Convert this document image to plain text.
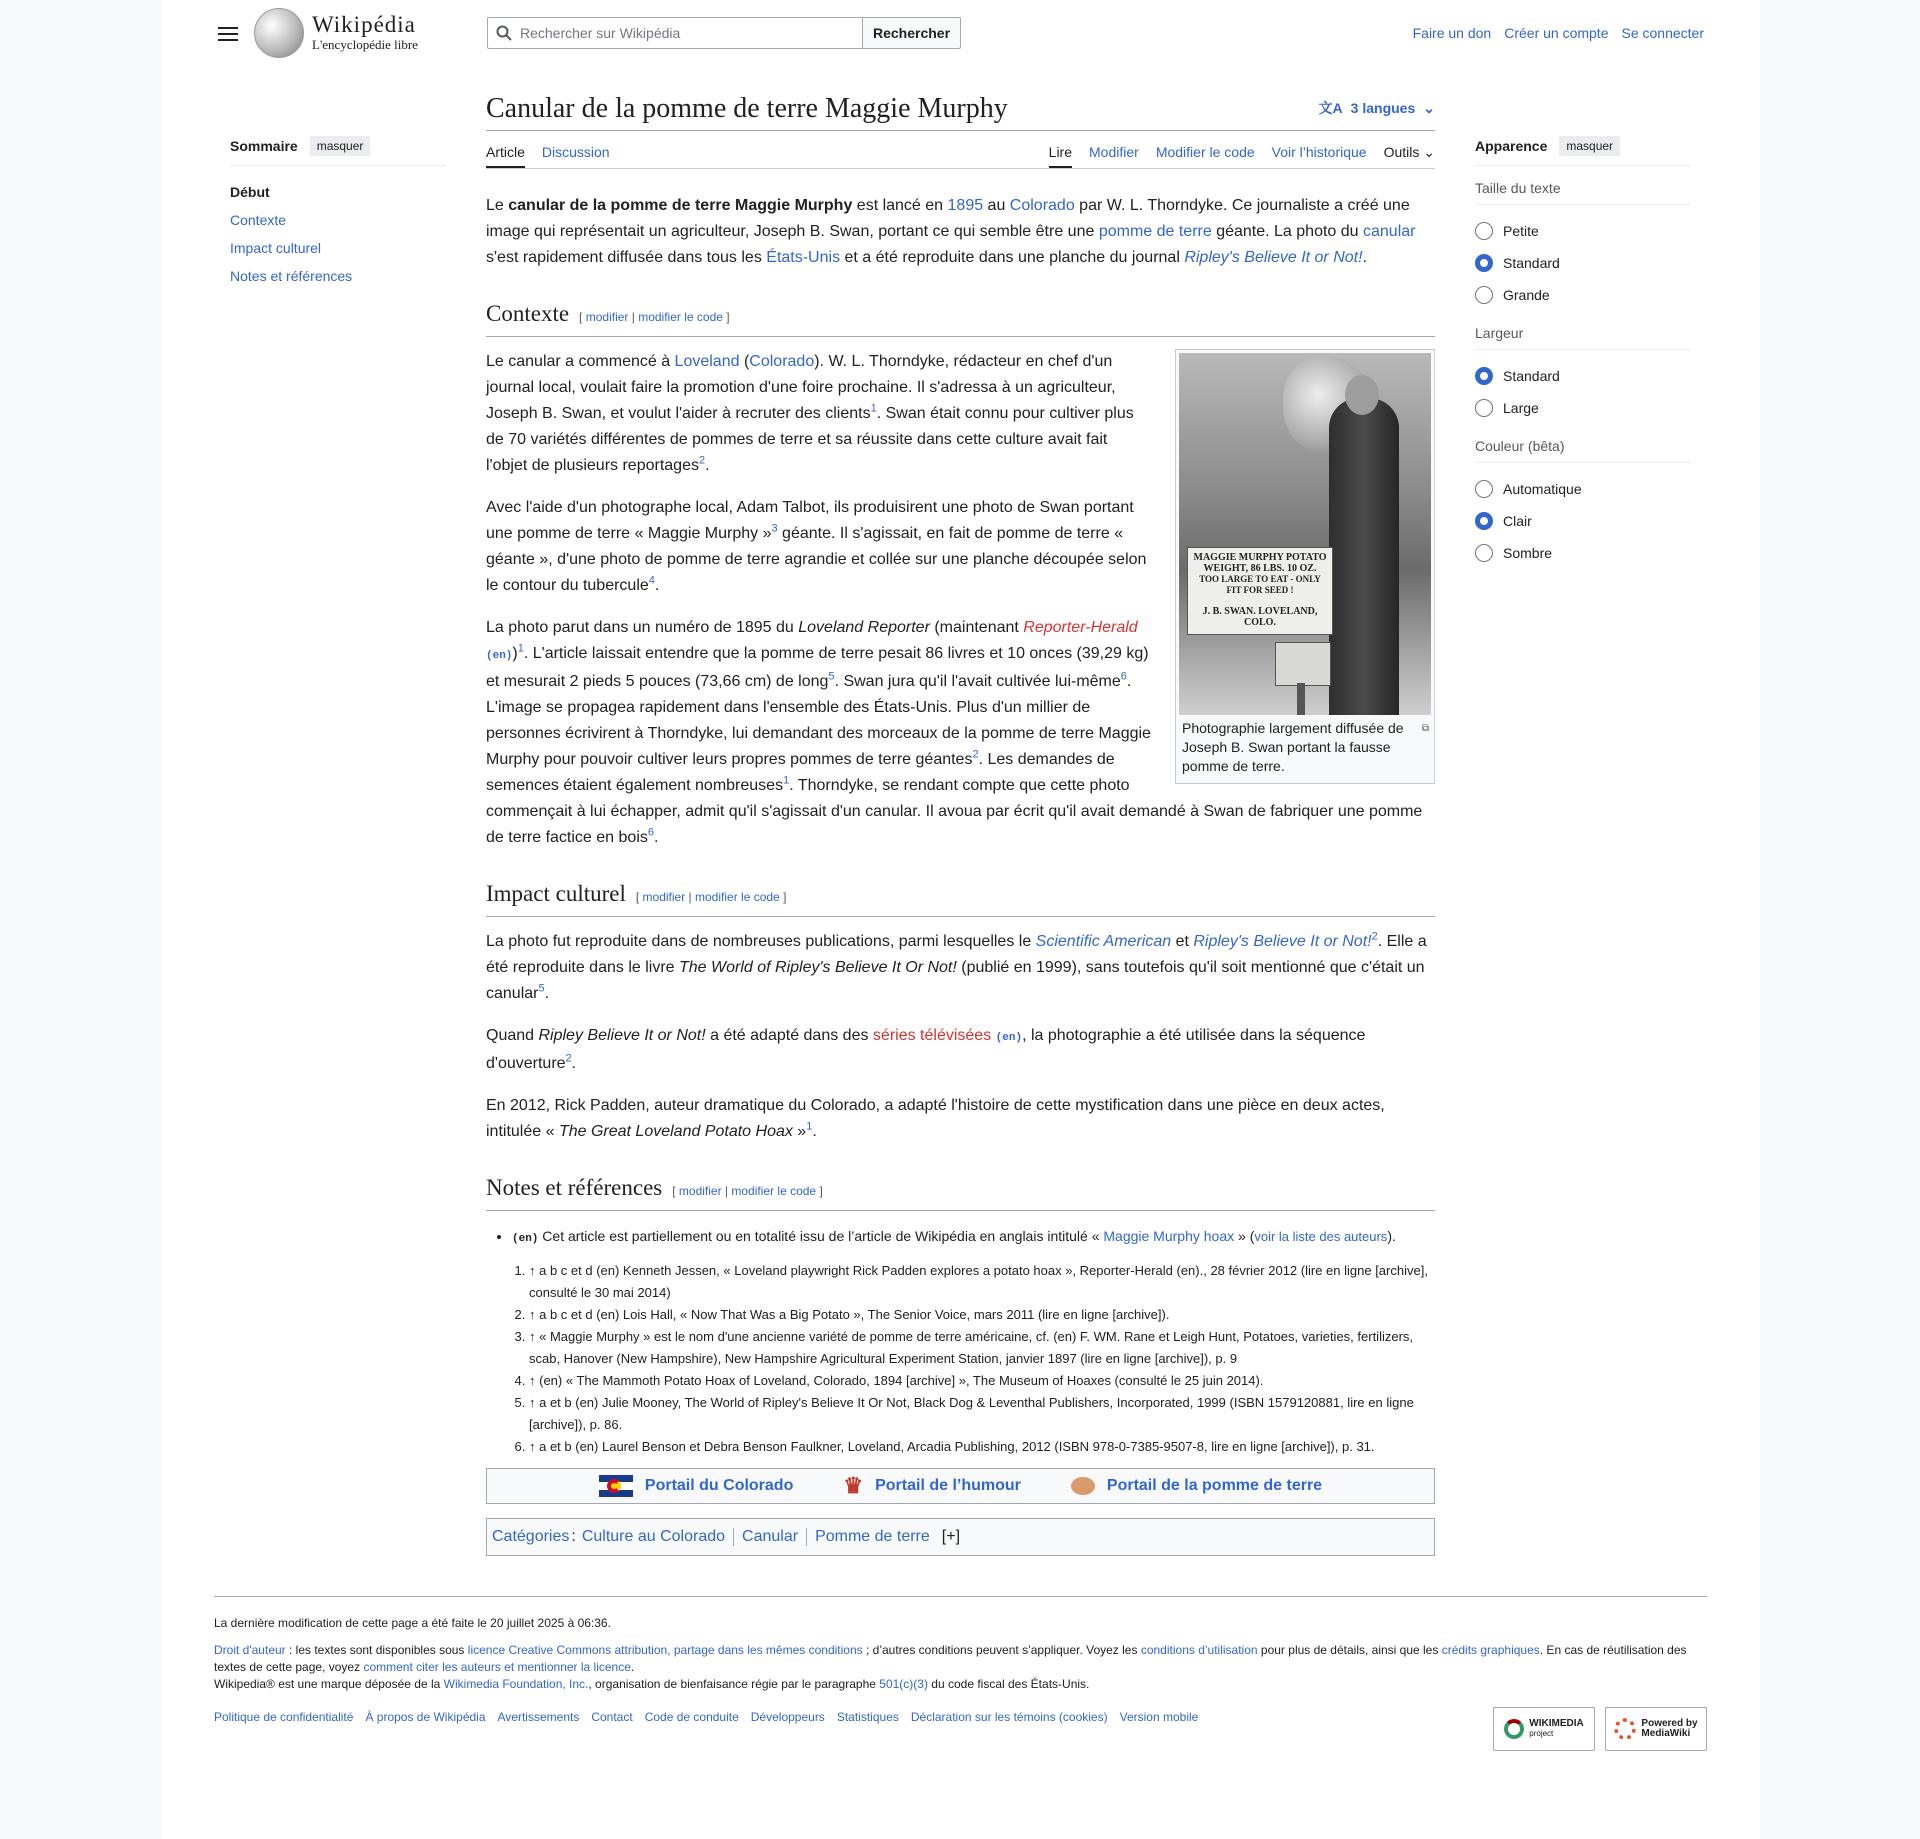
Wikipédia
L'encyclopédie libre
Rechercher sur Wikipédia	Rechercher	Faire un don Créer un compte Se connecter
Sommaire	masquer
Début
Contexte
Impact culturel
Notes et références
Apparence	masquer
Taille du texte
Petite
Standard
Grande
Largeur
Standard
Large
Couleur (bêta)
Automatique
Clair
Sombre
Canular de la pomme de terre Maggie Murphy	文A 3 langues ⌄
Article Discussion	Lire Modifier Modifier le code Voir l’historique Outils ⌄

Le canular de la pomme de terre Maggie Murphy est lancé en 1895 au Colorado par W. L. Thorndyke. Ce journaliste a créé une image qui représentait un agriculteur, Joseph B. Swan, portant ce qui semble être une pomme de terre géante. La photo du canular s'est rapidement diffusée dans tous les États-Unis et a été reproduite dans une planche du journal Ripley's Believe It or Not!.

Contexte [ modifier | modifier le code ]
MAGGIE MURPHY POTATO
WEIGHT, 86 LBS. 10 OZ.
TOO LARGE TO EAT - ONLY FIT FOR SEED !
J. B. SWAN. LOVELAND, COLO.
⧉
Photographie largement diffusée de Joseph B. Swan portant la fausse pomme de terre.

Le canular a commencé à Loveland (Colorado). W. L. Thorndyke, rédacteur en chef d'un journal local, voulait faire la promotion d'une foire prochaine. Il s'adressa à un agriculteur, Joseph B. Swan, et voulut l'aider à recruter des clients$^1$. Swan était connu pour cultiver plus de 70 variétés différentes de pommes de terre et sa réussite dans cette culture avait fait l'objet de plusieurs reportages$^2$.

Avec l'aide d'un photographe local, Adam Talbot, ils produisirent une photo de Swan portant une pomme de terre « Maggie Murphy »$^3$ géante. Il s'agissait, en fait de pomme de terre « géante », d'une photo de pomme de terre agrandie et collée sur une planche découpée selon le contour du tubercule$^4$.

La photo parut dans un numéro de 1895 du Loveland Reporter (maintenant Reporter-Herald (en))$^1$. L'article laissait entendre que la pomme de terre pesait 86 livres et 10 onces (39,29 kg) et mesurait 2 pieds 5 pouces (73,66 cm) de long$^5$. Swan jura qu'il l'avait cultivée lui-même$^6$. L'image se propagea rapidement dans l'ensemble des États-Unis. Plus d'un millier de personnes écrivirent à Thorndyke, lui demandant des morceaux de la pomme de terre Maggie Murphy pour pouvoir cultiver leurs propres pommes de terre géantes$^2$. Les demandes de semences étaient également nombreuses$^1$. Thorndyke, se rendant compte que cette photo commençait à lui échapper, admit qu'il s'agissait d'un canular. Il avoua par écrit qu'il avait demandé à Swan de fabriquer une pomme de terre factice en bois$^6$.

Impact culturel [ modifier | modifier le code ]

La photo fut reproduite dans de nombreuses publications, parmi lesquelles le Scientific American et Ripley's Believe It or Not!$^2$. Elle a été reproduite dans le livre The World of Ripley's Believe It Or Not! (publié en 1999), sans toutefois qu'il soit mentionné que c'était un canular$^5$.

Quand Ripley Believe It or Not! a été adapté dans des séries télévisées (en), la photographie a été utilisée dans la séquence d'ouverture$^2$.

En 2012, Rick Padden, auteur dramatique du Colorado, a adapté l'histoire de cette mystification dans une pièce en deux actes, intitulée « The Great Loveland Potato Hoax »$^1$.

Notes et références [ modifier | modifier le code ]
• (en) Cet article est partiellement ou en totalité issu de l’article de Wikipédia en anglais intitulé « Maggie Murphy hoax » (voir la liste des auteurs).
1. ↑ a b c et d (en) Kenneth Jessen, « Loveland playwright Rick Padden explores a potato hoax », Reporter-Herald (en)., 28 février 2012 (lire en ligne [archive], consulté le 30 mai 2014)
2. ↑ a b c et d (en) Lois Hall, « Now That Was a Big Potato », The Senior Voice, mars 2011 (lire en ligne [archive]).
3. ↑ « Maggie Murphy » est le nom d'une ancienne variété de pomme de terre américaine, cf. (en) F. WM. Rane et Leigh Hunt, Potatoes, varieties, fertilizers, scab, Hanover (New Hampshire), New Hampshire Agricultural Experiment Station, janvier 1897 (lire en ligne [archive]), p. 9
4. ↑ (en) « The Mammoth Potato Hoax of Loveland, Colorado, 1894 [archive] », The Museum of Hoaxes (consulté le 25 juin 2014).
5. ↑ a et b (en) Julie Mooney, The World of Ripley's Believe It Or Not, Black Dog & Leventhal Publishers, Incorporated, 1999 (ISBN 1579120881, lire en ligne [archive]), p. 86.
6. ↑ a et b (en) Laurel Benson et Debra Benson Faulkner, Loveland, Arcadia Publishing, 2012 (ISBN 978-0-7385-9507-8, lire en ligne [archive]), p. 31.
Portail du Colorado ♛ Portail de l’humour	Portail de la pomme de terre
Catégories : Culture au Colorado Canular Pomme de terre [+]
La dernière modification de cette page a été faite le 20 juillet 2025 à 06:36.
Droit d'auteur : les textes sont disponibles sous licence Creative Commons attribution, partage dans les mêmes conditions ; d’autres conditions peuvent s’appliquer. Voyez les conditions d’utilisation pour plus de détails, ainsi que les crédits graphiques. En cas de réutilisation des textes de cette page, voyez comment citer les auteurs et mentionner la licence.
Wikipedia® est une marque déposée de la Wikimedia Foundation, Inc., organisation de bienfaisance régie par le paragraphe 501(c)(3) du code fiscal des États-Unis.
Politique de confidentialité À propos de Wikipédia Avertissements Contact Code de conduite Développeurs Statistiques Déclaration sur les témoins (cookies) Version mobile	WIKIMEDIA
project
Powered by
MediaWiki
